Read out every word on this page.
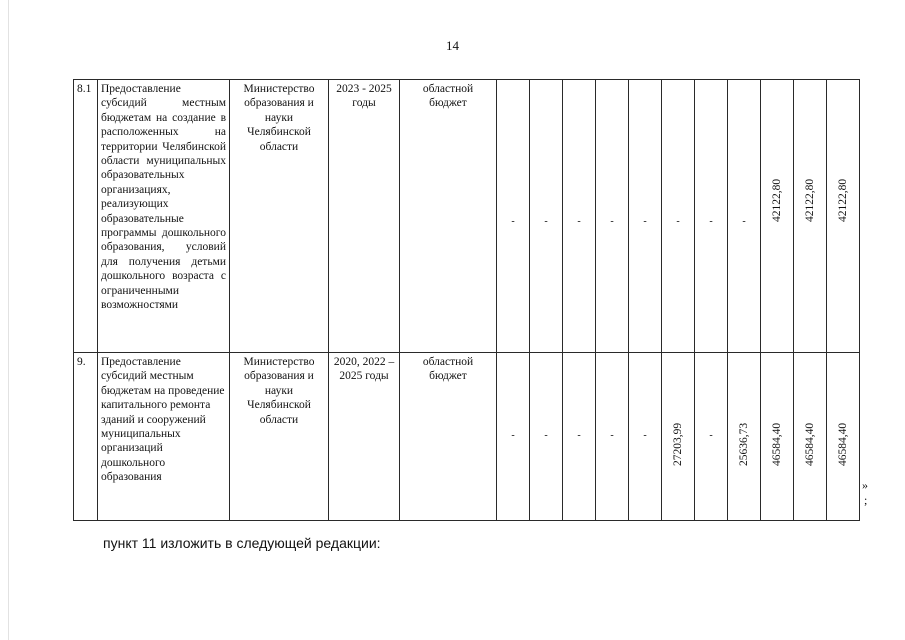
14
8.1	Предоставление субсидий местным бюджетам на создание в расположенных на территории Челябинской области муниципальных образовательных организациях, реализующих образовательные программы дошкольного образования, условий для получения детьми дошкольного возраста с ограниченными возможностями	Министерство образования и науки Челябинской области	2023 - 2025 годы	областной бюджет	-	-	-	-	-	-	-	-	42122,80	42122,80	42122,80

9.	Предоставление субсидий местным бюджетам на проведение капитального ремонта зданий и сооружений муниципальных организаций дошкольного образования	Министерство образования и науки Челябинской области	2020, 2022 – 2025 годы	областной бюджет	-	-	-	-	-	27203,99	-	25636,73	46584,40	46584,40	46584,40
»
;
пункт 11 изложить в следующей редакции:
